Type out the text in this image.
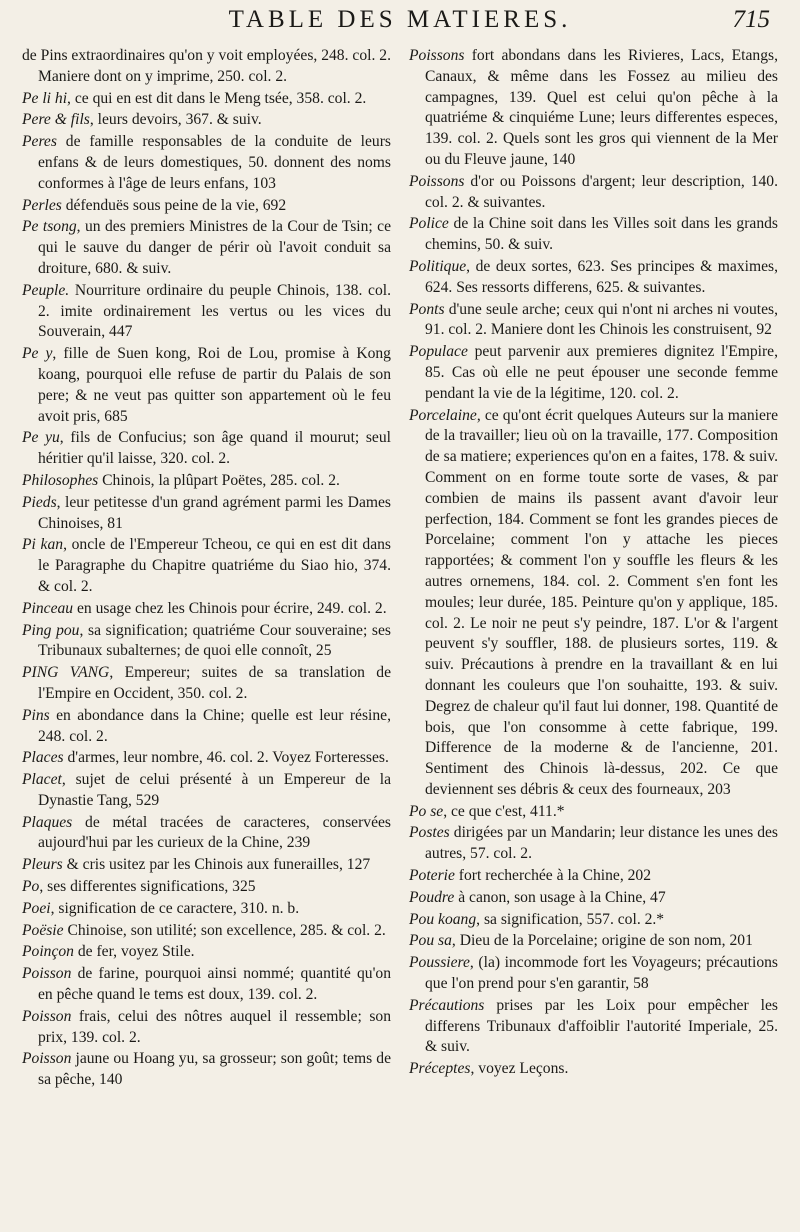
TABLE DES MATIERES.	715
de Pins extraordinaires qu'on y voit employées, 248. col. 2. Maniere dont on y imprime, 250. col. 2.
Pe li hi, ce qui en est dit dans le Meng tsée, 358. col. 2.
Pere & fils, leurs devoirs, 367. & suiv.
Peres de famille responsables de la conduite de leurs enfans & de leurs domestiques, 50. donnent des noms conformes à l'âge de leurs enfans, 103
Perles défenduës sous peine de la vie, 692
Pe tsong, un des premiers Ministres de la Cour de Tsin; ce qui le sauve du danger de périr où l'avoit conduit sa droiture, 680. & suiv.
Peuple. Nourriture ordinaire du peuple Chinois, 138. col. 2. imite ordinairement les vertus ou les vices du Souverain, 447
Pe y, fille de Suen kong, Roi de Lou, promise à Kong koang, pourquoi elle refuse de partir du Palais de son pere; & ne veut pas quitter son appartement où le feu avoit pris, 685
Pe yu, fils de Confucius; son âge quand il mourut; seul héritier qu'il laisse, 320. col. 2.
Philosophes Chinois, la plûpart Poëtes, 285. col. 2.
Pieds, leur petitesse d'un grand agrément parmi les Dames Chinoises, 81
Pi kan, oncle de l'Empereur Tcheou, ce qui en est dit dans le Paragraphe du Chapitre quatriéme du Siao hio, 374. & col. 2.
Pinceau en usage chez les Chinois pour écrire, 249. col. 2.
Ping pou, sa signification; quatriéme Cour souveraine; ses Tribunaux subalternes; de quoi elle connoît, 25
PING VANG, Empereur; suites de sa translation de l'Empire en Occident, 350. col. 2.
Pins en abondance dans la Chine; quelle est leur résine, 248. col. 2.
Places d'armes, leur nombre, 46. col. 2. Voyez Forteresses.
Placet, sujet de celui présenté à un Empereur de la Dynastie Tang, 529
Plaques de métal tracées de caracteres, conservées aujourd'hui par les curieux de la Chine, 239
Pleurs & cris usitez par les Chinois aux funerailles, 127
Po, ses differentes significations, 325
Poei, signification de ce caractere, 310. n. b.
Poësie Chinoise, son utilité; son excellence, 285. & col. 2.
Poinçon de fer, voyez Stile.
Poisson de farine, pourquoi ainsi nommé; quantité qu'on en pêche quand le tems est doux, 139. col. 2.
Poisson frais, celui des nôtres auquel il ressemble; son prix, 139. col. 2.
Poisson jaune ou Hoang yu, sa grosseur; son goût; tems de sa pêche, 140
Poissons fort abondans dans les Rivieres, Lacs, Etangs, Canaux, & même dans les Fossez au milieu des campagnes, 139. Quel est celui qu'on pêche à la quatriéme & cinquiéme Lune; leurs differentes especes, 139. col. 2. Quels sont les gros qui viennent de la Mer ou du Fleuve jaune, 140
Poissons d'or ou Poissons d'argent; leur description, 140. col. 2. & suivantes.
Police de la Chine soit dans les Villes soit dans les grands chemins, 50. & suiv.
Politique, de deux sortes, 623. Ses principes & maximes, 624. Ses ressorts differens, 625. & suivantes.
Ponts d'une seule arche; ceux qui n'ont ni arches ni voutes, 91. col. 2. Maniere dont les Chinois les construisent, 92
Populace peut parvenir aux premieres dignitez l'Empire, 85. Cas où elle ne peut épouser une seconde femme pendant la vie de la légitime, 120. col. 2.
Porcelaine, ce qu'ont écrit quelques Auteurs sur la maniere de la travailler; lieu où on la travaille, 177. Composition de sa matiere; experiences qu'on en a faites, 178. & suiv. Comment on en forme toute sorte de vases, & par combien de mains ils passent avant d'avoir leur perfection, 184. Comment se font les grandes pieces de Porcelaine; comment l'on y attache les pieces rapportées; & comment l'on y souffle les fleurs & les autres ornemens, 184. col. 2. Comment s'en font les moules; leur durée, 185. Peinture qu'on y applique, 185. col. 2. Le noir ne peut s'y peindre, 187. L'or & l'argent peuvent s'y souffler, 188. de plusieurs sortes, 119. & suiv. Précautions à prendre en la travaillant & en lui donnant les couleurs que l'on souhaitte, 193. & suiv. Degrez de chaleur qu'il faut lui donner, 198. Quantité de bois, que l'on consomme à cette fabrique, 199. Difference de la moderne & de l'ancienne, 201. Sentiment des Chinois là-dessus, 202. Ce que deviennent ses débris & ceux des fourneaux, 203
Po se, ce que c'est, 411.*
Postes dirigées par un Mandarin; leur distance les unes des autres, 57. col. 2.
Poterie fort recherchée à la Chine, 202
Poudre à canon, son usage à la Chine, 47
Pou koang, sa signification, 557. col. 2.*
Pou sa, Dieu de la Porcelaine; origine de son nom, 201
Poussiere, (la) incommode fort les Voyageurs; précautions que l'on prend pour s'en garantir, 58
Précautions prises par les Loix pour empêcher les differens Tribunaux d'affoiblir l'autorité Imperiale, 25. & suiv.
Préceptes, voyez Leçons.
